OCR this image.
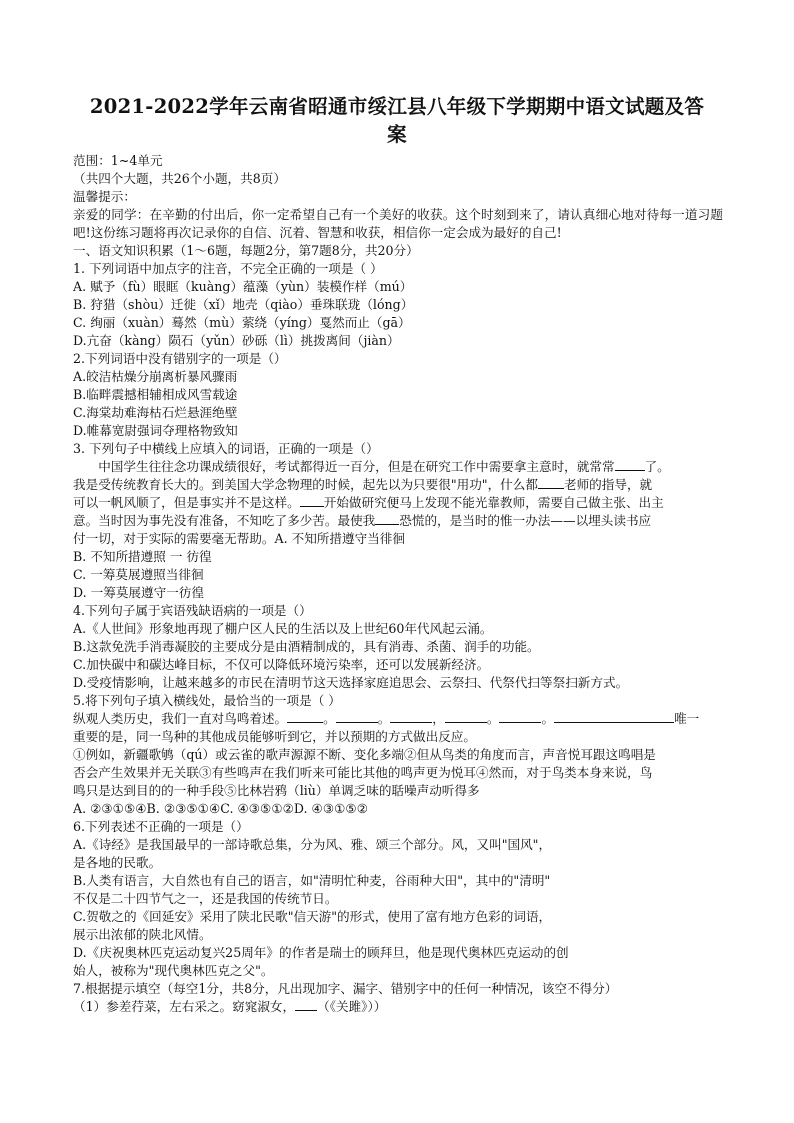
2021-2022学年云南省昭通市绥江县八年级下学期期中语文试题及答
案
范围：1~4单元
（共四个大题，共26个小题，共8页）
温馨提示：
亲爱的同学：在辛勤的付出后，你一定希望自己有一个美好的收获。这个时刻到来了，请认真细心地对待每一道习题吧!这份练习题将再次记录你的自信、沉着、智慧和收获，相信你一定会成为最好的自己!
一、语文知识积累（1～6题，每题2分，第7题8分，共20分）
1. 下列词语中加点字的注音，不完全正确的一项是（ ）
A. 赋予（fù）眼眶（kuàng）蕴藻（yùn）装模作样（mú）
B. 狩猎（shòu）迁徙（xǐ）地壳（qiào）垂珠联珑（lóng）
C. 绚丽（xuàn）蓦然（mù）萦绕（yíng）戛然而止（gā）
D.亢奋（kàng）陨石（yǔn）砂砾（lì）挑拨离间（jiàn）
2.下列词语中没有错别字的一项是（）
A.皎洁枯燥分崩离析暴风骤雨
B.临畔震撼相辅相成风雪载途
C.海棠劫难海枯石烂悬涯绝壁
D.帷幕宽尉强词夺理格物致知
3. 下列句子中横线上应填入的词语，正确的一项是（）
中国学生往往念功课成绩很好，考试都得近一百分，但是在研究工作中需要拿主意时，就常常 了。
我是受传统教育长大的。到美国大学念物理的时候，起先以为只要很"用功"，什么都 老师的指导，就
可以一帆风顺了，但是事实并不是这样。 开始做研究便马上发现不能光靠教师，需要自己做主张、出主
意。当时因为事先没有准备，不知吃了多少苦。最使我 恐慌的，是当时的惟一办法——以埋头读书应
付一切，对于实际的需要毫无帮助。A. 不知所措遵守当徘徊
B. 不知所措遵照 一 彷徨
C. 一筹莫展遵照当徘徊
D. 一筹莫展遵守一彷徨
4.下列句子属于宾语残缺语病的一项是（）
A.《人世间》形象地再现了棚户区人民的生活以及上世纪60年代风起云涌。
B.这款免洗手消毒凝胶的主要成分是由酒精制成的，具有消毒、杀菌、润手的功能。
C.加快碳中和碳达峰目标，不仅可以降低环境污染率，还可以发展新经济。
D.受疫情影响，让越来越多的市民在清明节这天选择家庭追思会、云祭扫、代祭代扫等祭扫新方式。
5.将下列句子填入横线处，最恰当的一项是（ ）
纵观人类历史，我们一直对鸟鸣着述。	。	。	，	。	。	唯一
重要的是，同一鸟种的其他成员能够听到它，并以预期的方式做出反应。
①例如，新疆歌鸲（qú）或云雀的歌声源源不断、变化多端②但从鸟类的角度而言，声音悦耳跟这鸣唱是
否会产生效果并无关联③有些鸣声在我们听来可能比其他的鸣声更为悦耳④然而，对于鸟类本身来说，鸟
鸣只是达到目的的一种手段⑤比林岩鸦（liù）单调乏味的聒噪声动听得多
A. ②③①⑤④B. ②③⑤①④C. ④③⑤①②D. ④③①⑤②
6.下列表述不正确的一项是（）
A.《诗经》是我国最早的一部诗歌总集，分为风、雅、颂三个部分。风，又叫"国风"，
是各地的民歌。
B.人类有语言，大自然也有自己的语言，如"清明忙种麦，谷雨种大田"，其中的"清明"
不仅是二十四节气之一，还是我国的传统节日。
C.贺敬之的《回延安》采用了陕北民歌"信天游"的形式，使用了富有地方色彩的词语，
展示出浓郁的陕北风情。
D.《庆祝奥林匹克运动复兴25周年》的作者是瑞士的顾拜旦，他是现代奥林匹克运动的创
始人，被称为"现代奥林匹克之父"。
7.根据提示填空（每空1分，共8分，凡出现加字、漏字、错别字中的任何一种情况，该空不得分）
（1）参差荇菜，左右采之。窈窕淑女， （《关雎》））
